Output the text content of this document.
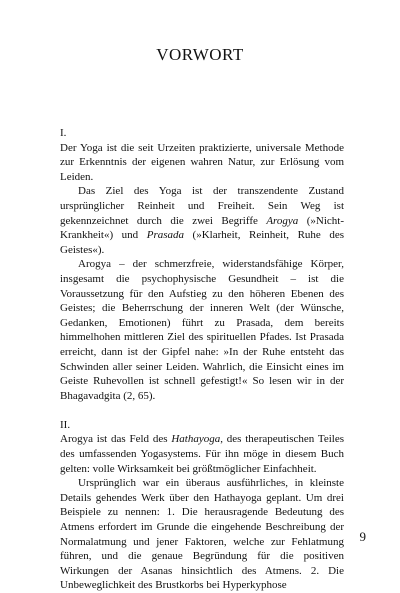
VORWORT

I.

Der Yoga ist die seit Urzeiten praktizierte, universale Methode zur Erkenntnis der eigenen wahren Natur, zur Erlösung vom Leiden.

Das Ziel des Yoga ist der transzendente Zustand ursprünglicher Reinheit und Freiheit. Sein Weg ist gekennzeichnet durch die zwei Begriffe Arogya (»Nicht-Krankheit«) und Prasada (»Klarheit, Reinheit, Ruhe des Geistes«).

Arogya – der schmerzfreie, widerstandsfähige Körper, insgesamt die psychophysische Gesundheit – ist die Voraussetzung für den Aufstieg zu den höheren Ebenen des Geistes; die Beherrschung der inneren Welt (der Wünsche, Gedanken, Emotionen) führt zu Prasada, dem bereits himmelhohen mittleren Ziel des spirituellen Pfades. Ist Prasada erreicht, dann ist der Gipfel nahe: »In der Ruhe entsteht das Schwinden aller seiner Leiden. Wahrlich, die Einsicht eines im Geiste Ruhevollen ist schnell gefestigt!« So lesen wir in der Bhagavadgita (2, 65).

II.

Arogya ist das Feld des Hathayoga, des therapeutischen Teiles des umfassenden Yogasystems. Für ihn möge in diesem Buch gelten: volle Wirksamkeit bei größtmöglicher Einfachheit.

Ursprünglich war ein überaus ausführliches, in kleinste Details gehendes Werk über den Hathayoga geplant. Um drei Beispiele zu nennen: 1. Die herausragende Bedeutung des Atmens erfordert im Grunde die eingehende Beschreibung der Normalatmung und jener Faktoren, welche zur Fehlatmung führen, und die genaue Begründung für die positiven Wirkungen der Asanas hinsichtlich des Atmens. 2. Die Unbeweglichkeit des Brustkorbs bei Hyperkyphose

9
